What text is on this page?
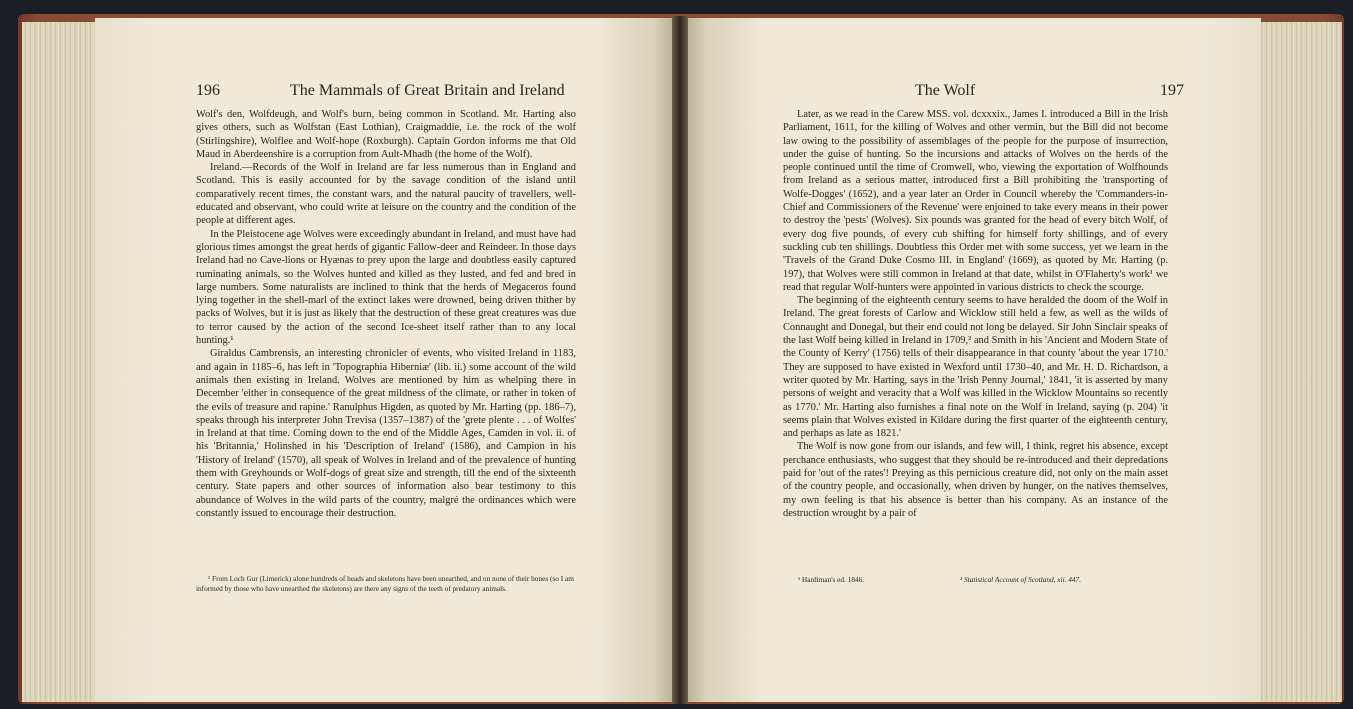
196	The Mammals of Great Britain and Ireland

Wolf's den, Wolfdeugh, and Wolf's burn, being common in Scotland. Mr. Harting also gives others, such as Wolfstan (East Lothian), Craigmaddie, i.e. the rock of the wolf (Stirlingshire), Wolflee and Wolf-hope (Roxburgh). Captain Gordon informs me that Old Maud in Aberdeenshire is a corruption from Ault-Mhadh (the home of the Wolf).

Ireland.—Records of the Wolf in Ireland are far less numerous than in England and Scotland. This is easily accounted for by the savage condition of the island until comparatively recent times, the constant wars, and the natural paucity of travellers, well-educated and observant, who could write at leisure on the country and the condition of the people at different ages.

In the Pleistocene age Wolves were exceedingly abundant in Ireland, and must have had glorious times amongst the great herds of gigantic Fallow-deer and Reindeer. In those days Ireland had no Cave-lions or Hyænas to prey upon the large and doubtless easily captured ruminating animals, so the Wolves hunted and killed as they lusted, and fed and bred in large numbers. Some naturalists are inclined to think that the herds of Megaceros found lying together in the shell-marl of the extinct lakes were drowned, being driven thither by packs of Wolves, but it is just as likely that the destruction of these great creatures was due to terror caused by the action of the second Ice-sheet itself rather than to any local hunting.¹

Giraldus Cambrensis, an interesting chronicler of events, who visited Ireland in 1183, and again in 1185–6, has left in 'Topographia Hiberniæ' (lib. ii.) some account of the wild animals then existing in Ireland. Wolves are mentioned by him as whelping there in December 'either in consequence of the great mildness of the climate, or rather in token of the evils of treasure and rapine.' Ranulphus Higden, as quoted by Mr. Harting (pp. 186–7), speaks through his interpreter John Trevisa (1357–1387) of the 'grete plente . . . of Wolfes' in Ireland at that time. Coming down to the end of the Middle Ages, Camden in vol. ii. of his 'Britannia,' Holinshed in his 'Description of Ireland' (1586), and Campion in his 'History of Ireland' (1570), all speak of Wolves in Ireland and of the prevalence of hunting them with Greyhounds or Wolf-dogs of great size and strength, till the end of the sixteenth century. State papers and other sources of information also bear testimony to this abundance of Wolves in the wild parts of the country, malgré the ordinances which were constantly issued to encourage their destruction.

¹ From Loch Gur (Limerick) alone hundreds of heads and skeletons have been unearthed, and on none of their bones (so I am informed by those who have unearthed the skeletons) are there any signs of the teeth of predatory animals.

The Wolf	197

Later, as we read in the Carew MSS. vol. dcxxxix., James I. introduced a Bill in the Irish Parliament, 1611, for the killing of Wolves and other vermin, but the Bill did not become law owing to the possibility of assemblages of the people for the purpose of insurrection, under the guise of hunting. So the incursions and attacks of Wolves on the herds of the people continued until the time of Cromwell, who, viewing the exportation of Wolfhounds from Ireland as a serious matter, introduced first a Bill prohibiting the 'transporting of Wolfe-Dogges' (1652), and a year later an Order in Council whereby the 'Commanders-in-Chief and Commissioners of the Revenue' were enjoined to take every means in their power to destroy the 'pests' (Wolves). Six pounds was granted for the head of every bitch Wolf, of every dog five pounds, of every cub shifting for himself forty shillings, and of every suckling cub ten shillings. Doubtless this Order met with some success, yet we learn in the 'Travels of the Grand Duke Cosmo III. in England' (1669), as quoted by Mr. Harting (p. 197), that Wolves were still common in Ireland at that date, whilst in O'Flaherty's work¹ we read that regular Wolf-hunters were appointed in various districts to check the scourge.

The beginning of the eighteenth century seems to have heralded the doom of the Wolf in Ireland. The great forests of Carlow and Wicklow still held a few, as well as the wilds of Connaught and Donegal, but their end could not long be delayed. Sir John Sinclair speaks of the last Wolf being killed in Ireland in 1709,² and Smith in his 'Ancient and Modern State of the County of Kerry' (1756) tells of their disappearance in that county 'about the year 1710.' They are supposed to have existed in Wexford until 1730–40, and Mr. H. D. Richardson, a writer quoted by Mr. Harting, says in the 'Irish Penny Journal,' 1841, 'it is asserted by many persons of weight and veracity that a Wolf was killed in the Wicklow Mountains so recently as 1770.' Mr. Harting also furnishes a final note on the Wolf in Ireland, saying (p. 204) 'it seems plain that Wolves existed in Kildare during the first quarter of the eighteenth century, and perhaps as late as 1821.'

The Wolf is now gone from our islands, and few will, I think, regret his absence, except perchance enthusiasts, who suggest that they should be re-introduced and their depredations paid for 'out of the rates'! Preying as this pernicious creature did, not only on the main asset of the country people, and occasionally, when driven by hunger, on the natives themselves, my own feeling is that his absence is better than his company. As an instance of the destruction wrought by a pair of

¹ Hardiman's ed. 1846.	² Statistical Account of Scotland, xii. 447.
